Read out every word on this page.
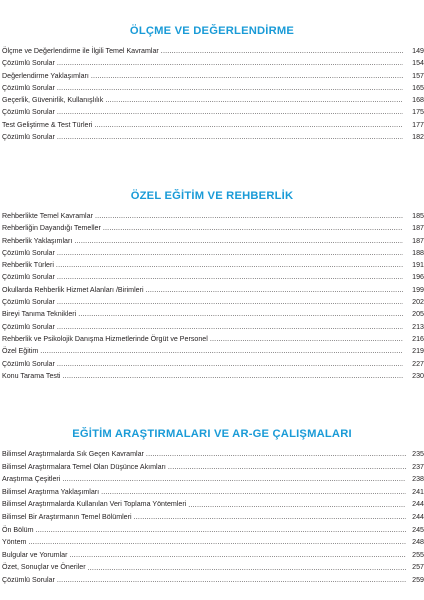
ÖLÇME VE DEĞERLENDİRME
Ölçme ve Değerlendirme ile İlgili Temel Kavramlar .....	149
Çözümlü Sorular .....	154
Değerlendirme Yaklaşımları .....	157
Çözümlü Sorular .....	165
Geçerlik, Güvenirlik, Kullanışlılık .....	168
Çözümlü Sorular .....	175
Test Geliştirme & Test Türleri .....	177
Çözümlü Sorular .....	182
ÖZEL EĞİTİM VE REHBERLİK
Rehberlikte Temel Kavramlar .....	185
Rehberliğin Dayandığı Temeller .....	187
Rehberlik Yaklaşımları .....	187
Çözümlü Sorular .....	188
Rehberlik Türleri .....	191
Çözümlü Sorular .....	196
Okullarda Rehberlik Hizmet Alanları /Birimleri .....	199
Çözümlü Sorular .....	202
Bireyi Tanıma Teknikleri .....	205
Çözümlü Sorular .....	213
Rehberlik ve Psikolojik Danışma Hizmetlerinde Örgüt ve Personel .....	216
Özel Eğitim .....	219
Çözümlü Sorular .....	227
Konu Tarama Testi .....	230
EĞİTİM ARAŞTIRMALARI VE AR-GE ÇALIŞMALARI
Bilimsel Araştırmalarda Sık Geçen Kavramlar .....	235
Bilimsel Araştırmalara Temel Olan Düşünce Akımları .....	237
Araştırma Çeşitleri .....	238
Bilimsel Araştırma Yaklaşımları .....	241
Bilimsel Araştırmalarda Kullanılan Veri Toplama Yöntemleri .....	244
Bilimsel Bir Araştırmanın Temel Bölümleri .....	244
Ön Bölüm .....	245
Yöntem .....	248
Bulgular ve Yorumlar .....	255
Özet, Sonuçlar ve Öneriler .....	257
Çözümlü Sorular .....	259
